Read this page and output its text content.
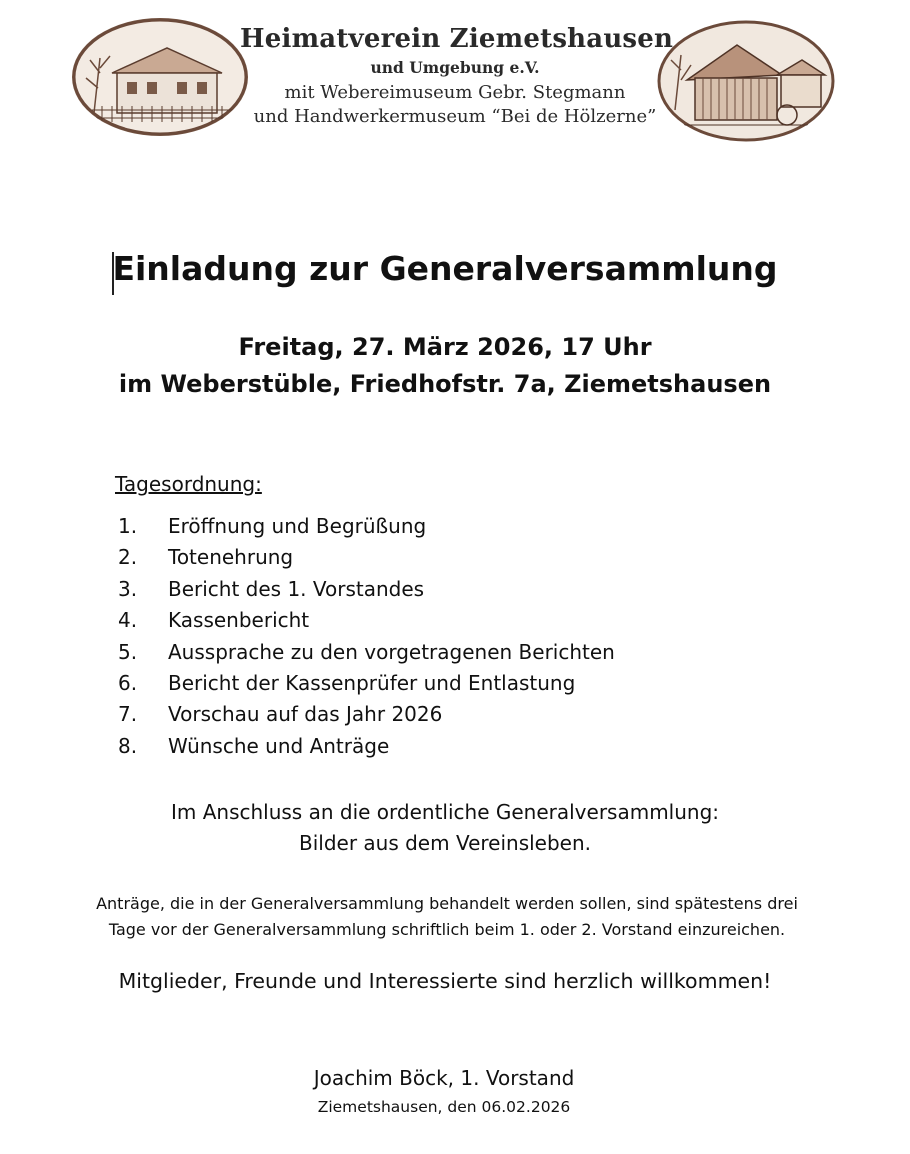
Heimatverein Ziemetshausen
und Umgebung e.V.
mit Webereimuseum Gebr. Stegmann
und Handwerkermuseum “Bei de Hölzerne”
Einladung zur Generalversammlung
Freitag, 27. März 2026, 17 Uhr
im Weberstüble, Friedhofstr. 7a, Ziemetshausen
Tagesordnung:
1. Eröffnung und Begrüßung
2. Totenehrung
3. Bericht des 1. Vorstandes
4. Kassenbericht
5. Aussprache zu den vorgetragenen Berichten
6. Bericht der Kassenprüfer und Entlastung
7. Vorschau auf das Jahr 2026
8. Wünsche und Anträge
Im Anschluss an die ordentliche Generalversammlung:
Bilder aus dem Vereinsleben.
Anträge, die in der Generalversammlung behandelt werden sollen, sind spätestens drei
Tage vor der Generalversammlung schriftlich beim 1. oder 2. Vorstand einzureichen.
Mitglieder, Freunde und Interessierte sind herzlich willkommen!
Joachim Böck, 1. Vorstand
Ziemetshausen, den 06.02.2026
